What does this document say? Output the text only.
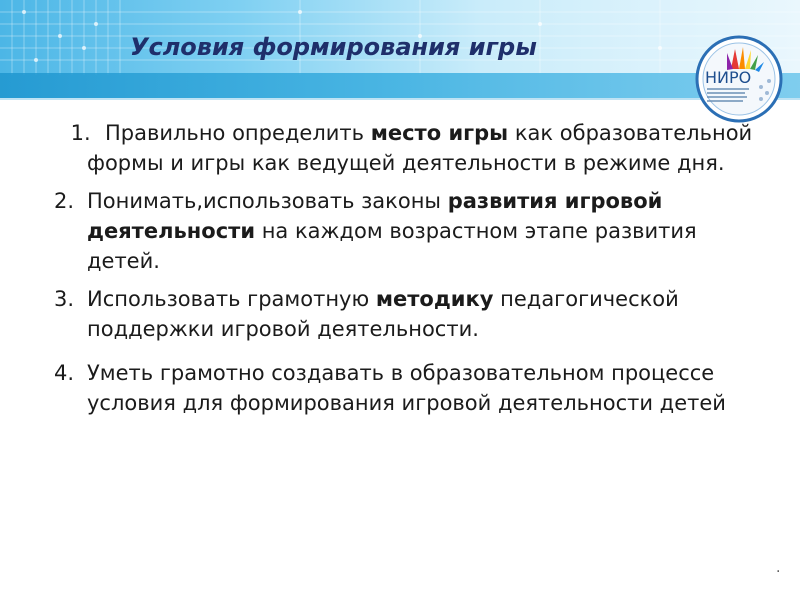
Условия формирования игры
НИРО
1. Правильно определить место игры как образовательной формы и игры как ведущей деятельности в режиме дня.
2. Понимать,использовать законы развития игровой деятельности на каждом возрастном этапе развития детей.
3. Использовать грамотную методику педагогической поддержки игровой деятельности.
4. Уметь грамотно создавать в образовательном процессе условия для формирования игровой деятельности детей
.
